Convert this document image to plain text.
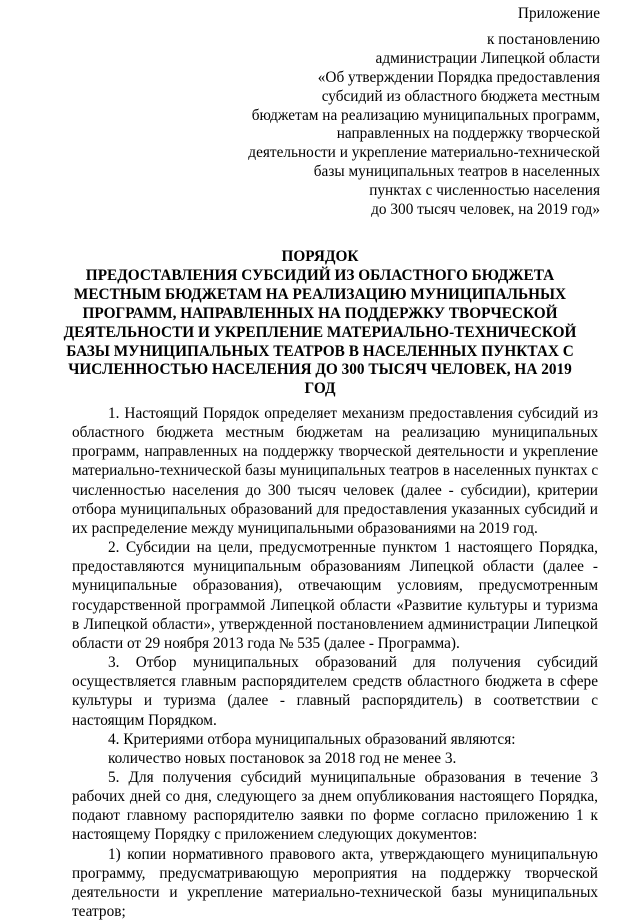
Приложение
к постановлению
администрации Липецкой области
«Об утверждении Порядка предоставления
субсидий из областного бюджета местным
бюджетам на реализацию муниципальных программ,
направленных на поддержку творческой
деятельности и укрепление материально-технической
базы муниципальных театров в населенных
пунктах с численностью населения
до 300 тысяч человек, на 2019 год»
ПОРЯДОК
ПРЕДОСТАВЛЕНИЯ СУБСИДИЙ ИЗ ОБЛАСТНОГО БЮДЖЕТА
МЕСТНЫМ БЮДЖЕТАМ НА РЕАЛИЗАЦИЮ МУНИЦИПАЛЬНЫХ
ПРОГРАММ, НАПРАВЛЕННЫХ НА ПОДДЕРЖКУ ТВОРЧЕСКОЙ
ДЕЯТЕЛЬНОСТИ И УКРЕПЛЕНИЕ МАТЕРИАЛЬНО-ТЕХНИЧЕСКОЙ
БАЗЫ МУНИЦИПАЛЬНЫХ ТЕАТРОВ В НАСЕЛЕННЫХ ПУНКТАХ С
ЧИСЛЕННОСТЬЮ НАСЕЛЕНИЯ ДО 300 ТЫСЯЧ ЧЕЛОВЕК, НА 2019
ГОД
1. Настоящий Порядок определяет механизм предоставления субсидий из
областного бюджета местным бюджетам на реализацию муниципальных
программ, направленных на поддержку творческой деятельности и укрепление
материально-технической базы муниципальных театров в населенных пунктах с
численностью населения до 300 тысяч человек (далее - субсидии), критерии
отбора муниципальных образований для предоставления указанных субсидий и
их распределение между муниципальными образованиями на 2019 год.
2. Субсидии на цели, предусмотренные пунктом 1 настоящего Порядка,
предоставляются муниципальным образованиям Липецкой области (далее -
муниципальные образования), отвечающим условиям, предусмотренным
государственной программой Липецкой области «Развитие культуры и туризма
в Липецкой области», утвержденной постановлением администрации Липецкой
области от 29 ноября 2013 года № 535 (далее - Программа).
3. Отбор муниципальных образований для получения субсидий
осуществляется главным распорядителем средств областного бюджета в сфере
культуры и туризма (далее - главный распорядитель) в соответствии с
настоящим Порядком.
4. Критериями отбора муниципальных образований являются:
количество новых постановок за 2018 год не менее 3.
5. Для получения субсидий муниципальные образования в течение 3
рабочих дней со дня, следующего за днем опубликования настоящего Порядка,
подают главному распорядителю заявки по форме согласно приложению 1 к
настоящему Порядку с приложением следующих документов:
1) копии нормативного правового акта, утверждающего муниципальную
программу, предусматривающую мероприятия на поддержку творческой
деятельности и укрепление материально-технической базы муниципальных
театров;
